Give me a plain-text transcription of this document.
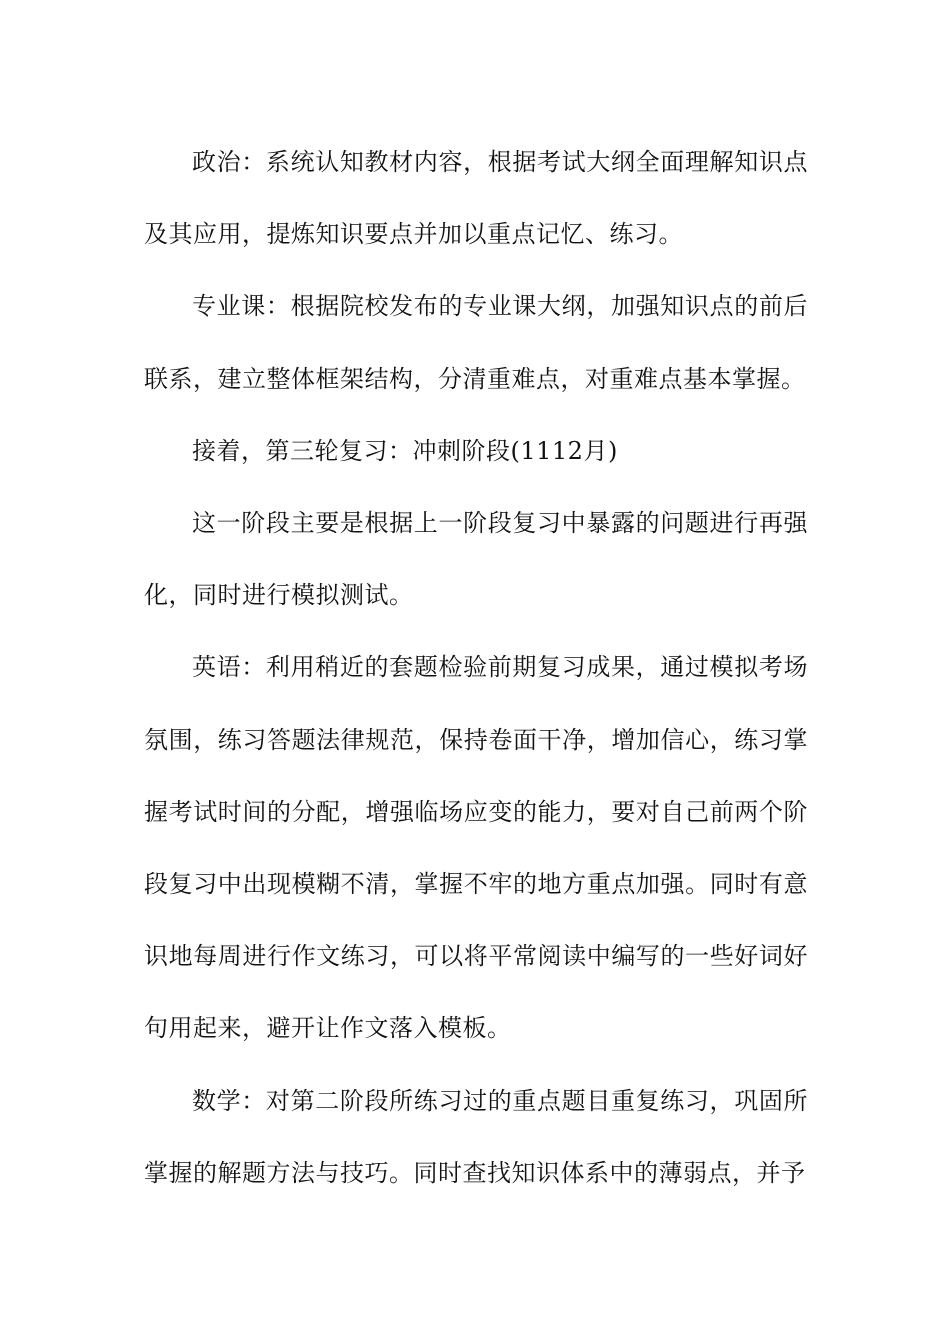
政治：系统认知教材内容，根据考试大纲全面理解知识点及其应用，提炼知识要点并加以重点记忆、练习。

专业课：根据院校发布的专业课大纲，加强知识点的前后联系，建立整体框架结构，分清重难点，对重难点基本掌握。

接着，第三轮复习：冲刺阶段(1112月)

这一阶段主要是根据上一阶段复习中暴露的问题进行再强化，同时进行模拟测试。

英语：利用稍近的套题检验前期复习成果，通过模拟考场氛围，练习答题法律规范，保持卷面干净，增加信心，练习掌握考试时间的分配，增强临场应变的能力，要对自己前两个阶段复习中出现模糊不清，掌握不牢的地方重点加强。同时有意识地每周进行作文练习，可以将平常阅读中编写的一些好词好句用起来，避开让作文落入模板。

数学：对第二阶段所练习过的重点题目重复练习，巩固所掌握的解题方法与技巧。同时查找知识体系中的薄弱点，并予
